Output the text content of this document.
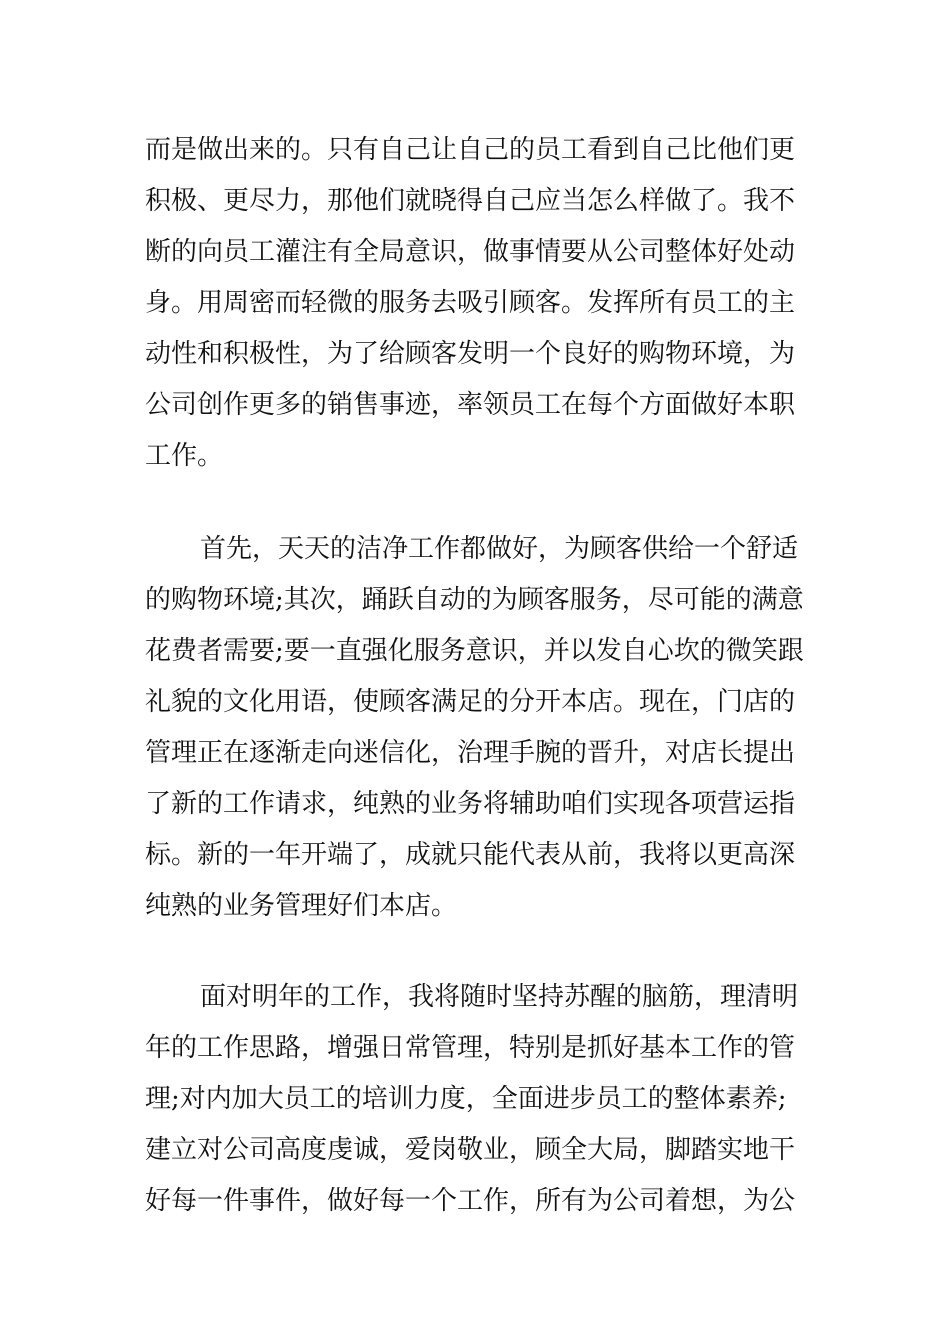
而是做出来的。只有自己让自己的员工看到自己比他们更
积极、更尽力，那他们就晓得自己应当怎么样做了。我不
断的向员工灌注有全局意识，做事情要从公司整体好处动
身。用周密而轻微的服务去吸引顾客。发挥所有员工的主
动性和积极性，为了给顾客发明一个良好的购物环境，为
公司创作更多的销售事迹，率领员工在每个方面做好本职
工作。
首先，天天的洁净工作都做好，为顾客供给一个舒适
的购物环境;其次，踊跃自动的为顾客服务，尽可能的满意
花费者需要;要一直强化服务意识，并以发自心坎的微笑跟
礼貌的文化用语，使顾客满足的分开本店。现在，门店的
管理正在逐渐走向迷信化，治理手腕的晋升，对店长提出
了新的工作请求，纯熟的业务将辅助咱们实现各项营运指
标。新的一年开端了，成就只能代表从前，我将以更高深
纯熟的业务管理好们本店。
面对明年的工作，我将随时坚持苏醒的脑筋，理清明
年的工作思路，增强日常管理，特别是抓好基本工作的管
理;对内加大员工的培训力度，全面进步员工的整体素养;
建立对公司高度虔诚，爱岗敬业，顾全大局，脚踏实地干
好每一件事件，做好每一个工作，所有为公司着想，为公
